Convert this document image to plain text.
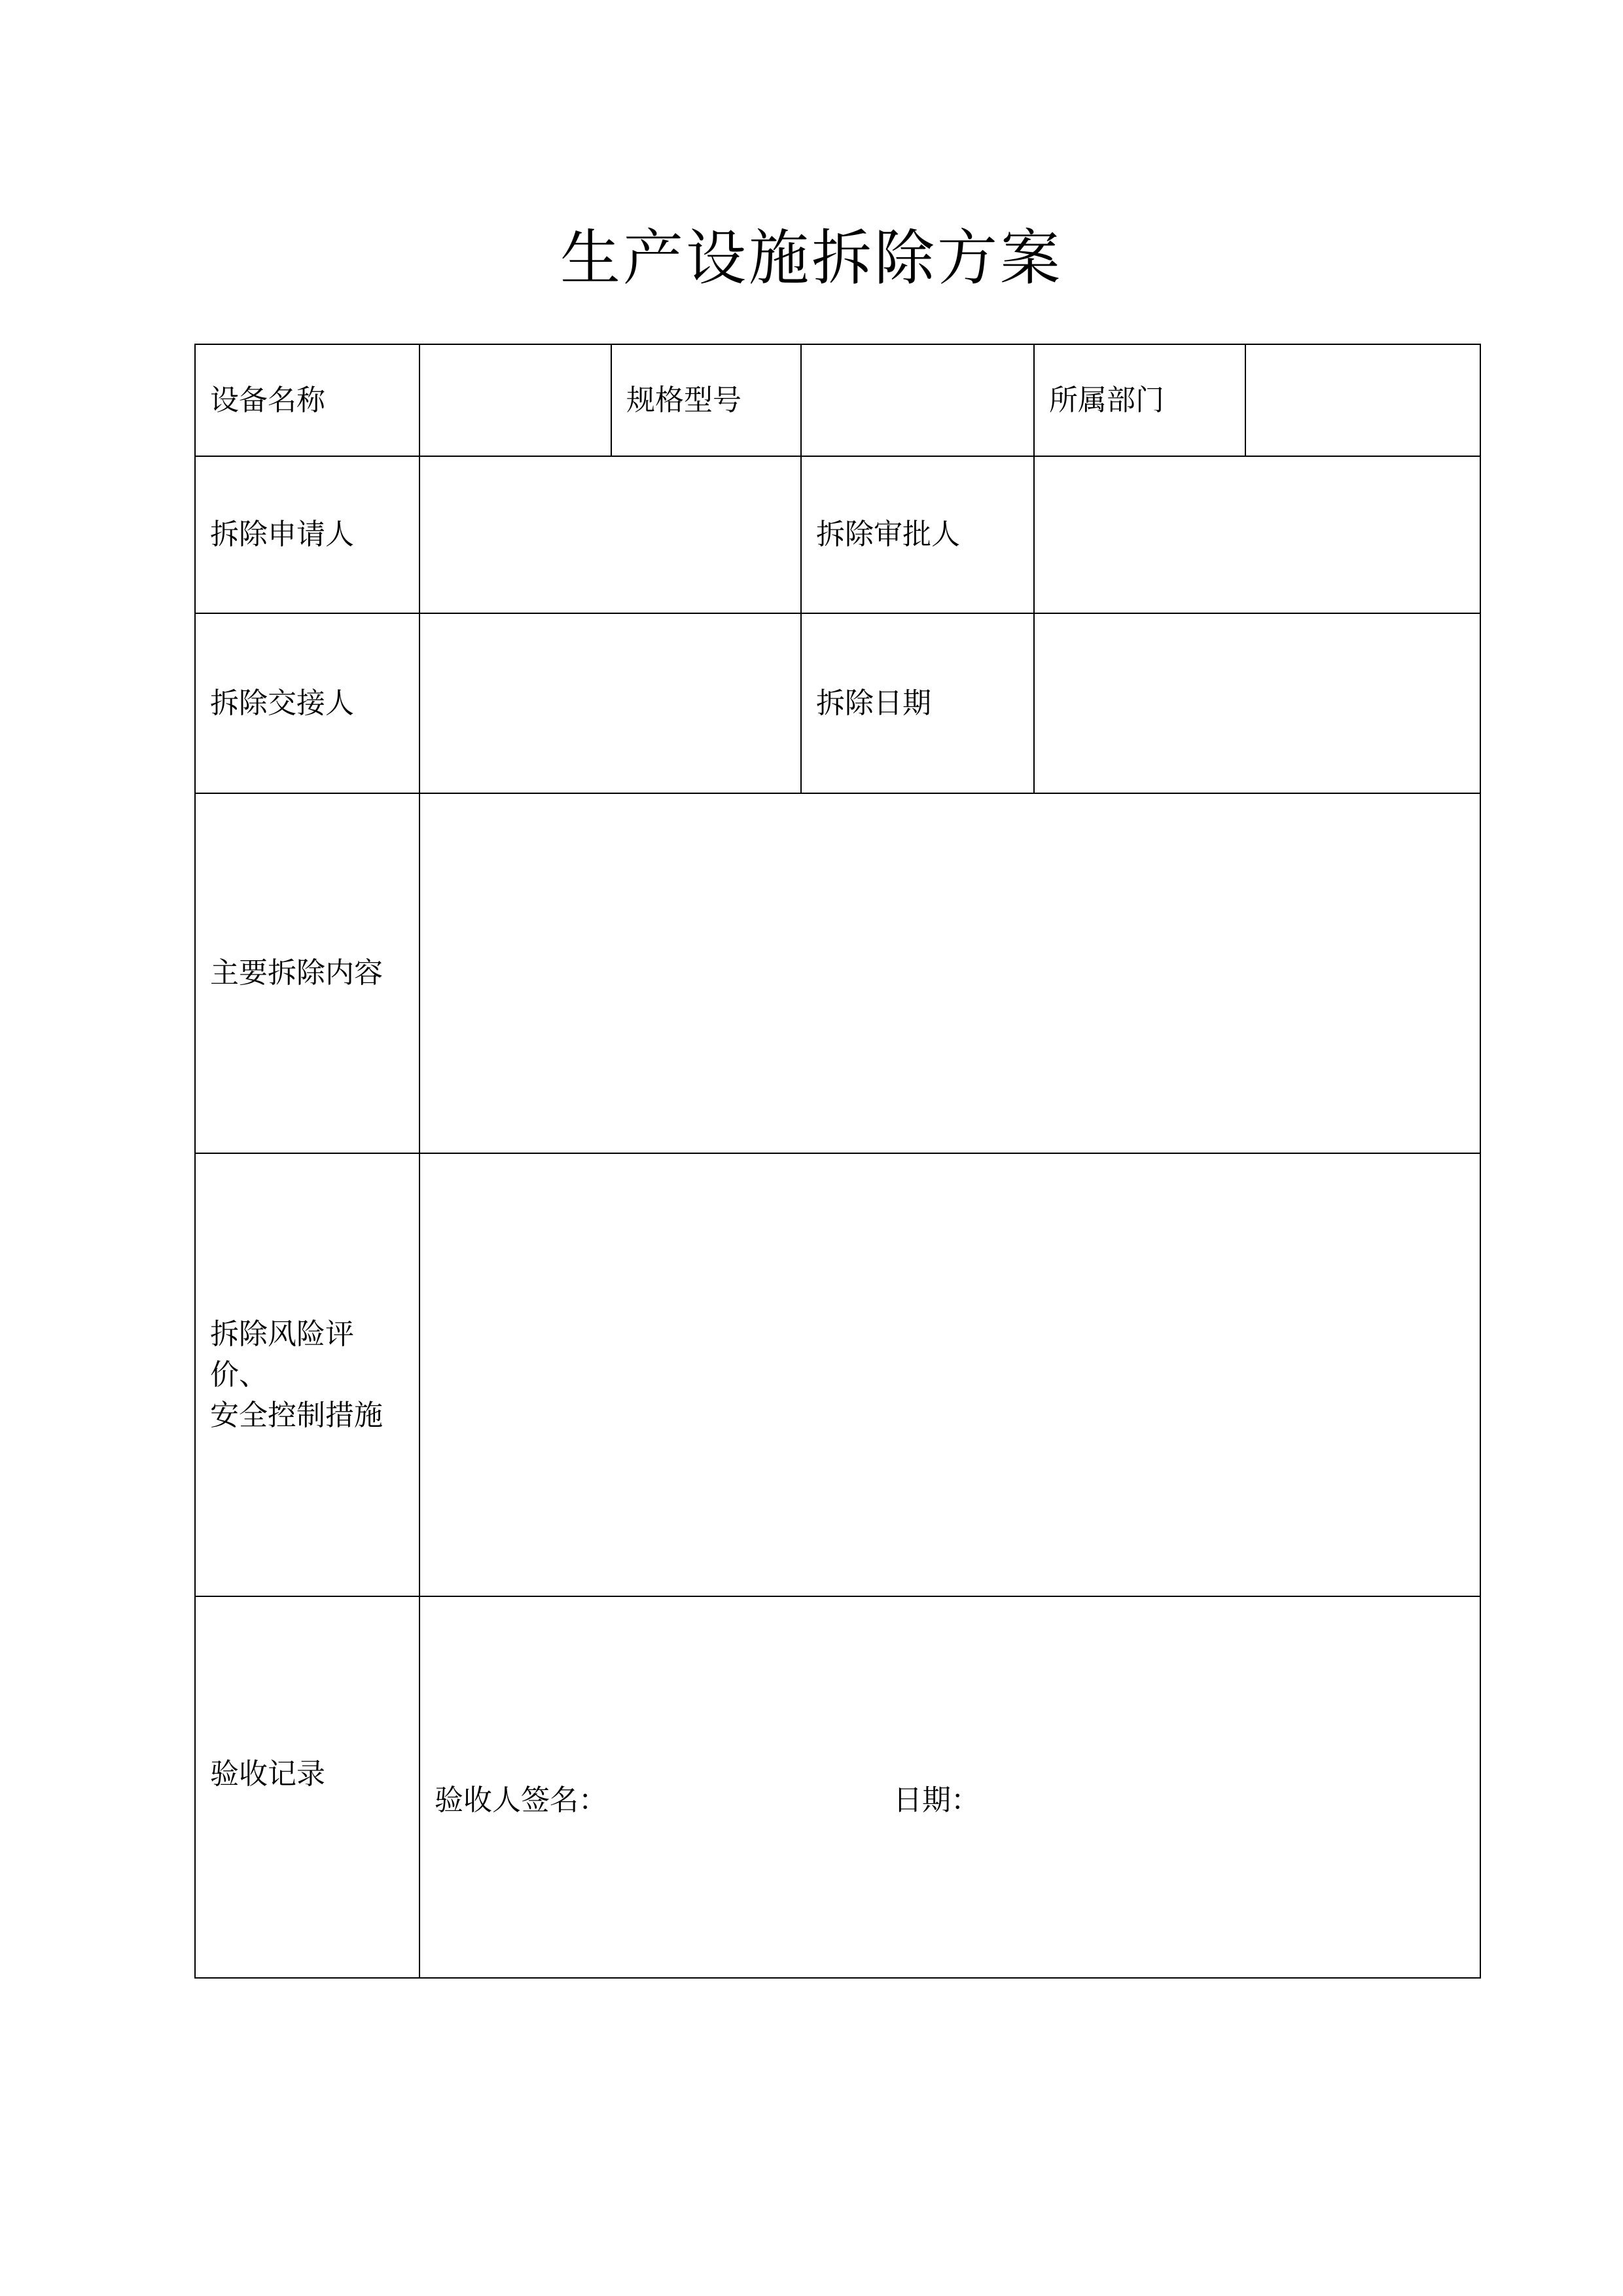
生产设施拆除方案
设备名称		规格型号		所属部门	
拆除申请人			拆除审批人		
拆除交接人			拆除日期		
主要拆除内容					

拆除风险评价、
安全控制措施					

验收记录	验收人签名： 日期：				
